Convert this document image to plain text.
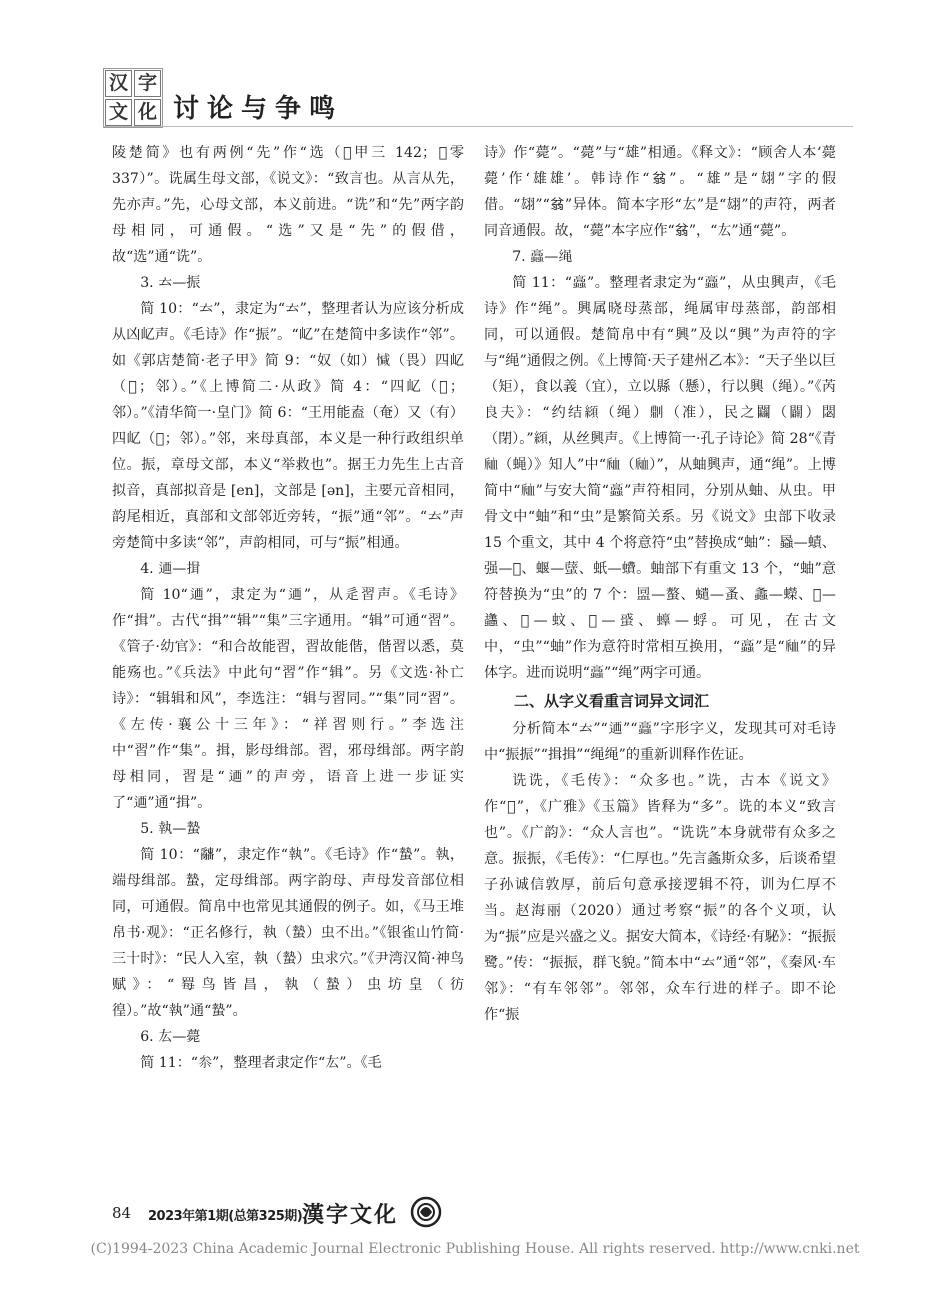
汉 字
文 化 讨论与争鸣

陵楚简》也有两例“先”作“选（𨒛甲三 142；𨒛零 337）”。诜属生母文部，《说文》：“致言也。从言从先，先亦声。”先，心母文部，本义前进。“诜”和“先”两字韵母相同，可通假。“选”又是“先”的假借，故“选”通“诜”。

3. 𠫓—振

简 10：“𠫓”，隶定为“𠫓”，整理者认为应该分析成从凶𡴭声。《毛诗》作“振”。“𡴭”在楚简中多读作“邻”。如《郭店楚简·老子甲》简 9：“奴（如）𢜩（畏）四𡴭（𨛜；邻）。”《上博简二·从政》简 4：“四𡴭（𨛜；邻）。”《清华简一·皇门》简 6：“王用能盍（奄）又（有）四𡴭（𨛜；邻）。”邻，来母真部，本义是一种行政组织单位。振，章母文部，本义“举救也”。据王力先生上古音拟音，真部拟音是 [en]，文部是 [ən]，主要元音相同，韵尾相近，真部和文部邻近旁转，“振”通“邻”。“𠫓”声旁楚简中多读“邻”，声韵相同，可与“振”相通。

4. 𨒿—揖

简 10“𨒿”，隶定为“𨒿”，从辵習声。《毛诗》作“揖”。古代“揖”“辑”“集”三字通用。“辑”可通“習”。《管子·幼官》：“和合故能習，習故能偕，偕習以悉，莫能殇也。”《兵法》中此句“習”作“辑”。另《文选·补亡诗》：“辑辑和风”，李选注：“辑与習同。”“集”同“習”。《左传·襄公十三年》：“祥習则行。”李选注中“習”作“集”。揖，影母缉部。習，邪母缉部。两字韵母相同，習是“𨒿”的声旁，语音上进一步证实了“𨒿”通“揖”。

5. 執—蟄

简 10：“𤕌”，隶定作“執”。《毛诗》作“蟄”。執，端母缉部。蟄，定母缉部。两字韵母、声母发音部位相同，可通假。简帛中也常见其通假的例子。如，《马王堆帛书·观》：“正名修行，執（蟄）虫不出。”《银雀山竹简·三十时》：“民人入室，執（蟄）虫求穴。”《尹湾汉简·神鸟赋》：“䍙鸟皆昌，執（蟄）虫坊皇（彷徨）。”故“執”通“蟄”。

6. 厷—薨

简 11：“𠫭”，整理者隶定作“厷”。《毛

诗》作“薨”。“薨”与“雄”相通。《释文》：“顾舍人本‘薨薨’作‘雄雄’。韩诗作“𦐈”。“雄”是“翃”字的假借。“翃”“𦐈”异体。简本字形“厷”是“翃”的声符，两者同音通假。故，“薨”本字应作“𦐈”，“厷”通“薨”。

7. 𧕔—绳

简 11：“𧕔”。整理者隶定为“𧕔”，从虫興声，《毛诗》作“绳”。興属晓母蒸部，绳属审母蒸部，韵部相同，可以通假。楚简帛中有“興”及以“興”为声符的字与“绳”通假之例。《上博简·天子建州乙本》：“天子坐以巨（矩），食以義（宜），立以縣（懸），行以興（绳）。”《芮良夫》：“约结𦄼（绳）𠟭（准），民之𨷻（闢）閟（閉）。”𦄼，从丝興声。《上博简一·孔子诗论》简 28“《青𧖴（蝇）》知人”中“𧖴（𧖴）”，从蚰興声，通“绳”。上博简中“𧖴”与安大简“𧕔”声符相同，分别从蚰、从虫。甲骨文中“蚰”和“虫”是繁简关系。另《说文》虫部下收录 15 个重文，其中 4 个将意符“虫”替换成“蚰”：蟁—𧐐、强—𧓯、蝘—𧒣、蚔—𧑈。蚰部下有重文 13 个，“蚰”意符替换为“虫”的 7 个：𧖳—螯、𧔥—蚤、𧒒—蠑、𧒃—蠭、𧏡—蚊、𧕖—𧌒、𧔫—蜉。可见，在古文中，“虫”“蚰”作为意符时常相互换用，“𧕔”是“𧖴”的异体字。进而说明“𧕔”“绳”两字可通。

二、从字义看重言词异文词汇

分析简本“𠫓”“𨒿”“𧕔”字形字义，发现其可对毛诗中“振振”“揖揖”“绳绳”的重新训释作佐证。

诜诜，《毛传》：“众多也。”诜，古本《说文》作“𢍡”，《广雅》《玉篇》皆释为“多”。诜的本义“致言也”。《广韵》：“众人言也”。“诜诜”本身就带有众多之意。振振，《毛传》：“仁厚也。”先言螽斯众多，后谈希望子孙诚信敦厚，前后句意承接逻辑不符，训为仁厚不当。赵海丽（2020）通过考察“振”的各个义项，认为“振”应是兴盛之义。据安大简本，《诗经·有駜》：“振振鹭。”传：“振振，群飞貌。”简本中“𠫓”通“邻”，《秦风·车邻》：“有车邻邻”。邻邻，众车行进的样子。即不论作“振

84 2023年第1期(总第325期) 漢字文化
(C)1994-2023 China Academic Journal Electronic Publishing House. All rights reserved. http://www.cnki.net
